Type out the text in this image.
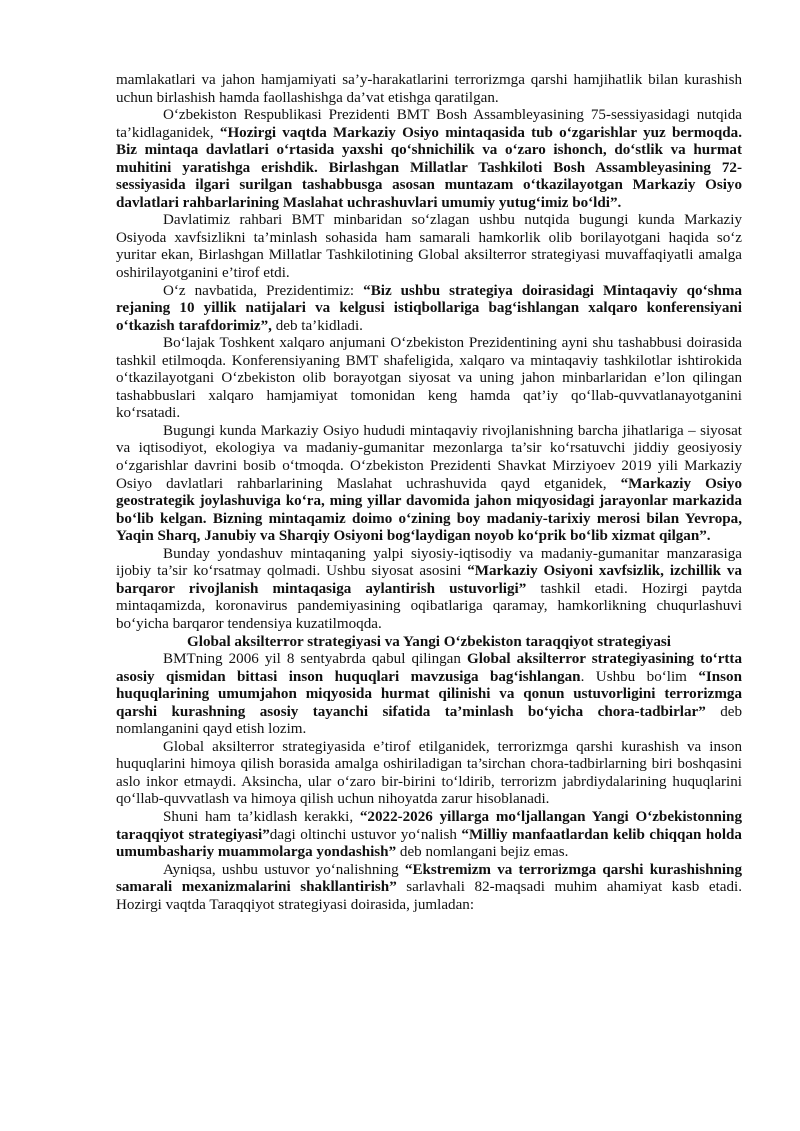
mamlakatlari va jahon hamjamiyati sa’y-harakatlarini terrorizmga qarshi hamjihatlik bilan kurashish uchun birlashish hamda faollashishga da’vat etishga qaratilgan.

O‘zbekiston Respublikasi Prezidenti BMT Bosh Assambleyasining 75-sessiyasidagi nutqida ta’kidlaganidek, “Hozirgi vaqtda Markaziy Osiyo mintaqasida tub o‘zgarishlar yuz bermoqda. Biz mintaqa davlatlari o‘rtasida yaxshi qo‘shnichilik va o‘zaro ishonch, do‘stlik va hurmat muhitini yaratishga erishdik. Birlashgan Millatlar Tashkiloti Bosh Assambleyasining 72-sessiyasida ilgari surilgan tashabbusga asosan muntazam o‘tkazilayotgan Markaziy Osiyo davlatlari rahbarlarining Maslahat uchrashuvlari umumiy yutug‘imiz bo‘ldi”.

Davlatimiz rahbari BMT minbaridan so‘zlagan ushbu nutqida bugungi kunda Markaziy Osiyoda xavfsizlikni ta’minlash sohasida ham samarali hamkorlik olib borilayotgani haqida so‘z yuritar ekan, Birlashgan Millatlar Tashkilotining Global aksilterror strategiyasi muvaffaqiyatli amalga oshirilayotganini e’tirof etdi.

O‘z navbatida, Prezidentimiz: “Biz ushbu strategiya doirasidagi Mintaqaviy qo‘shma rejaning 10 yillik natijalari va kelgusi istiqbollariga bag‘ishlangan xalqaro konferensiyani o‘tkazish tarafdorimiz”, deb ta’kidladi.

Bo‘lajak Toshkent xalqaro anjumani O‘zbekiston Prezidentining ayni shu tashabbusi doirasida tashkil etilmoqda. Konferensiyaning BMT shafeligida, xalqaro va mintaqaviy tashkilotlar ishtirokida o‘tkazilayotgani O‘zbekiston olib borayotgan siyosat va uning jahon minbarlaridan e’lon qilingan tashabbuslari xalqaro hamjamiyat tomonidan keng hamda qat’iy qo‘llab-quvvatlanayotganini ko‘rsatadi.

Bugungi kunda Markaziy Osiyo hududi mintaqaviy rivojlanishning barcha jihatlariga – siyosat va iqtisodiyot, ekologiya va madaniy-gumanitar mezonlarga ta’sir ko‘rsatuvchi jiddiy geosiyosiy o‘zgarishlar davrini bosib o‘tmoqda. O‘zbekiston Prezidenti Shavkat Mirziyoev 2019 yili Markaziy Osiyo davlatlari rahbarlarining Maslahat uchrashuvida qayd etganidek, “Markaziy Osiyo geostrategik joylashuviga ko‘ra, ming yillar davomida jahon miqyosidagi jarayonlar markazida bo‘lib kelgan. Bizning mintaqamiz doimo o‘zining boy madaniy-tarixiy merosi bilan Yevropa, Yaqin Sharq, Janubiy va Sharqiy Osiyoni bog‘laydigan noyob ko‘prik bo‘lib xizmat qilgan”.

Bunday yondashuv mintaqaning yalpi siyosiy-iqtisodiy va madaniy-gumanitar manzarasiga ijobiy ta’sir ko‘rsatmay qolmadi. Ushbu siyosat asosini “Markaziy Osiyoni xavfsizlik, izchillik va barqaror rivojlanish mintaqasiga aylantirish ustuvorligi” tashkil etadi. Hozirgi paytda mintaqamizda, koronavirus pandemiyasining oqibatlariga qaramay, hamkorlikning chuqurlashuvi bo‘yicha barqaror tendensiya kuzatilmoqda.

Global aksilterror strategiyasi va Yangi O‘zbekiston taraqqiyot strategiyasi

BMTning 2006 yil 8 sentyabrda qabul qilingan Global aksilterror strategiyasining to‘rtta asosiy qismidan bittasi inson huquqlari mavzusiga bag‘ishlangan. Ushbu bo‘lim “Inson huquqlarining umumjahon miqyosida hurmat qilinishi va qonun ustuvorligini terrorizmga qarshi kurashning asosiy tayanchi sifatida ta’minlash bo‘yicha chora-tadbirlar” deb nomlanganini qayd etish lozim.

Global aksilterror strategiyasida e’tirof etilganidek, terrorizmga qarshi kurashish va inson huquqlarini himoya qilish borasida amalga oshiriladigan ta’sirchan chora-tadbirlarning biri boshqasini aslo inkor etmaydi. Aksincha, ular o‘zaro bir-birini to‘ldirib, terrorizm jabrdiydalarining huquqlarini qo‘llab-quvvatlash va himoya qilish uchun nihoyatda zarur hisoblanadi.

Shuni ham ta’kidlash kerakki, “2022-2026 yillarga mo‘ljallangan Yangi O‘zbekistonning taraqqiyot strategiyasi”dagi oltinchi ustuvor yo‘nalish “Milliy manfaatlardan kelib chiqqan holda umumbashariy muammolarga yondashish” deb nomlangani bejiz emas.

Ayniqsa, ushbu ustuvor yo‘nalishning “Ekstremizm va terrorizmga qarshi kurashishning samarali mexanizmalarini shakllantirish” sarlavhali 82-maqsadi muhim ahamiyat kasb etadi. Hozirgi vaqtda Taraqqiyot strategiyasi doirasida, jumladan:
